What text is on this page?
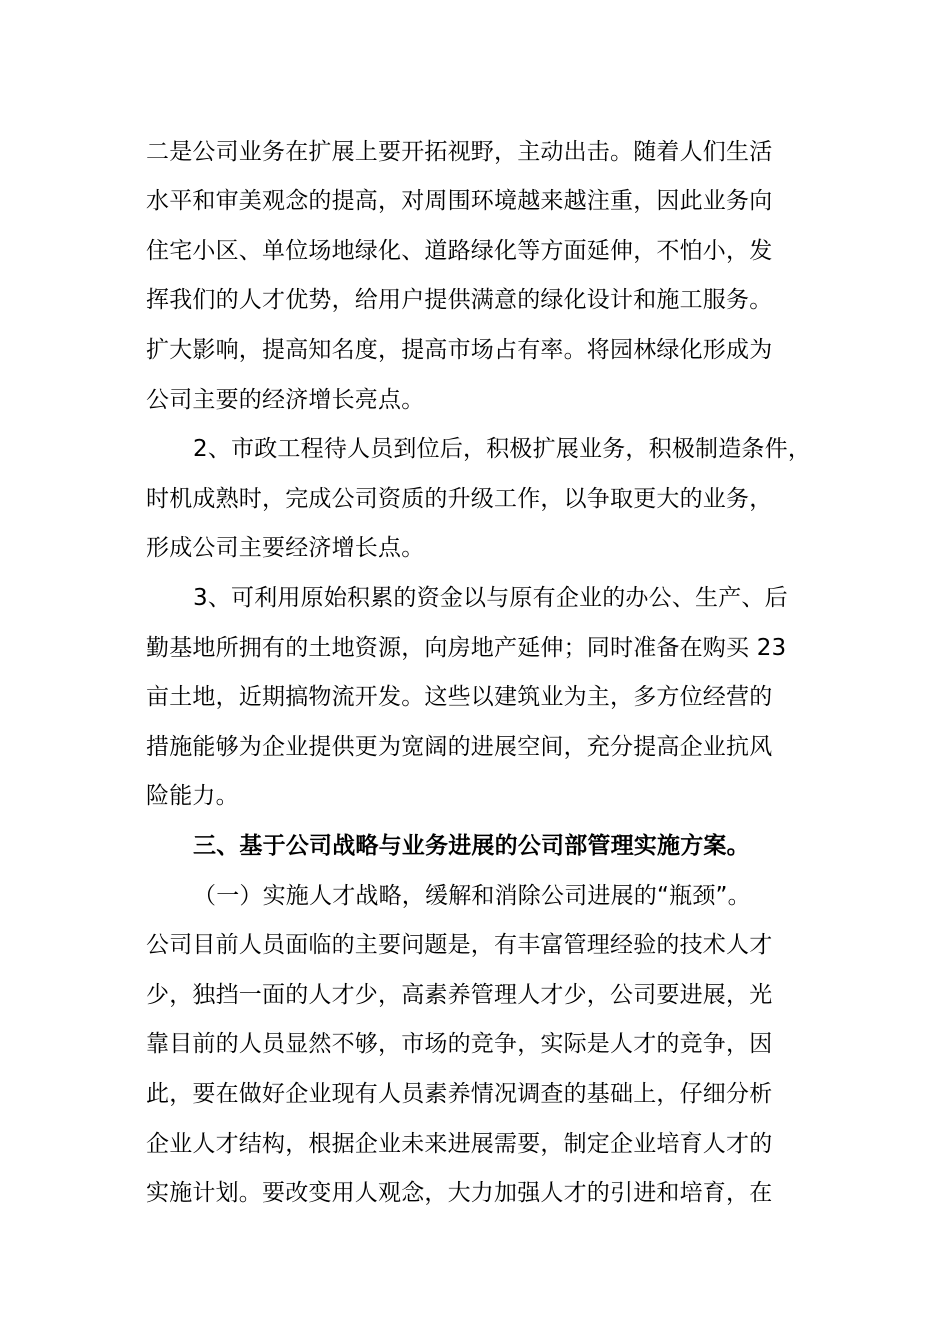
二是公司业务在扩展上要开拓视野，主动出击。随着人们生活
水平和审美观念的提高，对周围环境越来越注重，因此业务向
住宅小区、单位场地绿化、道路绿化等方面延伸，不怕小，发
挥我们的人才优势，给用户提供满意的绿化设计和施工服务。
扩大影响，提高知名度，提高市场占有率。将园林绿化形成为
公司主要的经济增长亮点。
2、市政工程待人员到位后，积极扩展业务，积极制造条件，
时机成熟时，完成公司资质的升级工作，以争取更大的业务，
形成公司主要经济增长点。
3、可利用原始积累的资金以与原有企业的办公、生产、后
勤基地所拥有的土地资源，向房地产延伸；同时准备在购买 23
亩土地，近期搞物流开发。这些以建筑业为主，多方位经营的
措施能够为企业提供更为宽阔的进展空间，充分提高企业抗风
险能力。
三、基于公司战略与业务进展的公司部管理实施方案。
（一）实施人才战略，缓解和消除公司进展的“瓶颈”。
公司目前人员面临的主要问题是，有丰富管理经验的技术人才
少，独挡一面的人才少，高素养管理人才少，公司要进展，光
靠目前的人员显然不够，市场的竞争，实际是人才的竞争，因
此，要在做好企业现有人员素养情况调查的基础上，仔细分析
企业人才结构，根据企业未来进展需要，制定企业培育人才的
实施计划。要改变用人观念，大力加强人才的引进和培育，在
